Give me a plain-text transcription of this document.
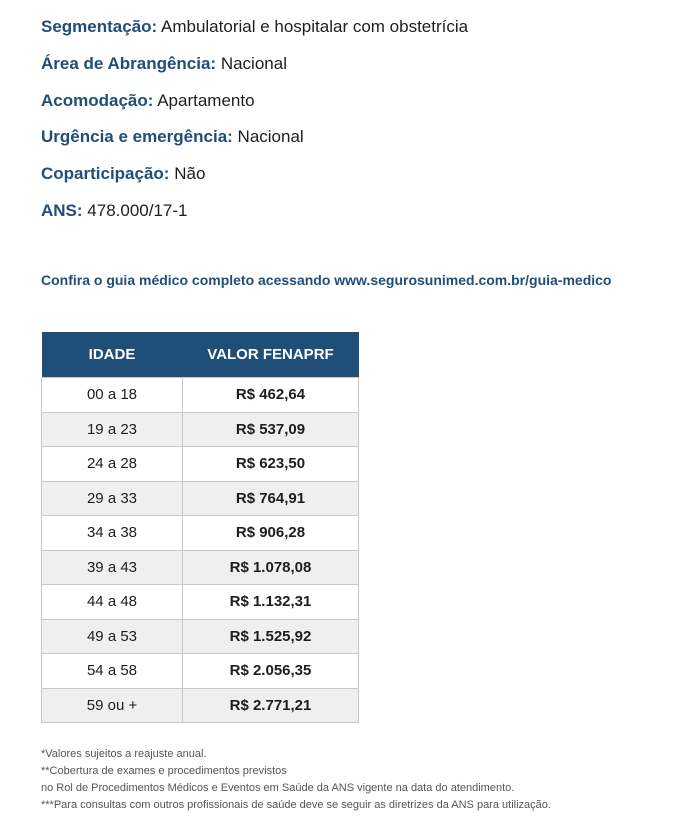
Segmentação: Ambulatorial e hospitalar com obstetrícia
Área de Abrangência: Nacional
Acomodação: Apartamento
Urgência e emergência: Nacional
Coparticipação: Não
ANS: 478.000/17-1
Confira o guia médico completo acessando www.segurosunimed.com.br/guia-medico
IDADE	VALOR FENAPRF
00 a 18	R$ 462,64
19 a 23	R$ 537,09
24 a 28	R$ 623,50
29 a 33	R$ 764,91
34 a 38	R$ 906,28
39 a 43	R$ 1.078,08
44 a 48	R$ 1.132,31
49 a 53	R$ 1.525,92
54 a 58	R$ 2.056,35
59 ou +	R$ 2.771,21
*Valores sujeitos a reajuste anual.
**Cobertura de exames e procedimentos previstos
no Rol de Procedimentos Médicos e Eventos em Saúde da ANS vigente na data do atendimento.
***Para consultas com outros profissionais de saúde deve se seguir as diretrizes da ANS para utilização.
